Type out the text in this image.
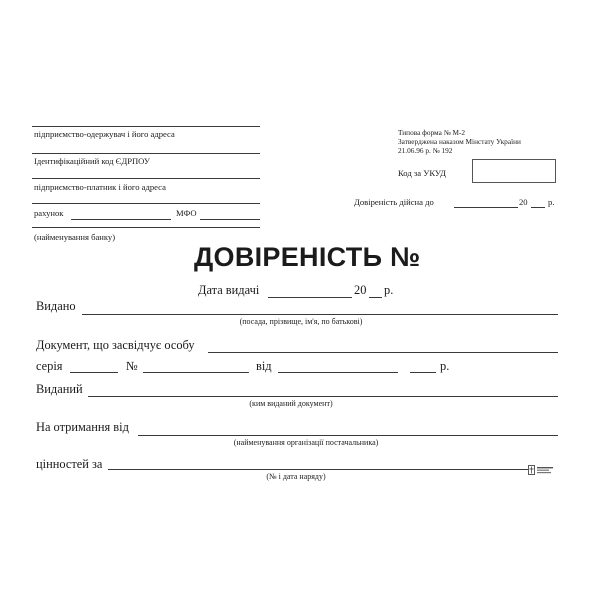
підприємство-одержувач і його адреса
Ідентифікаційний код ЄДРПОУ
підприємство-платник і його адреса
рахунок	МФО
(найменування банку)
Типова форма № М-2
Затверджена наказом Мінстату України
21.06.96 р. № 192
Код за УКУД
Довіреність дійсна до	20 р.
ДОВІРЕНІСТЬ №
Дата видачі	20 р.
Видано
(посада, прізвище, ім'я, по батькові)
Документ, що засвідчує особу
серія	№	від	р.
Виданий
(ким виданий документ)
На отримання від
(найменування організації постачальника)
цінностей за
(№ і дата наряду)
